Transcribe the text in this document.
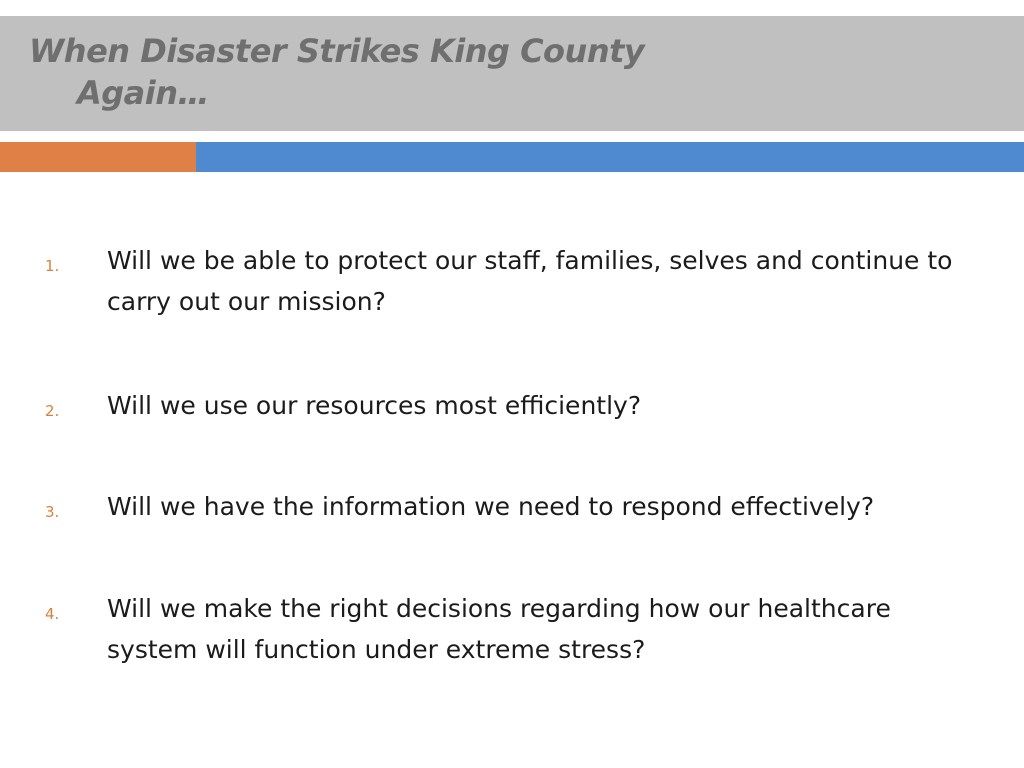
When Disaster Strikes King County
Again…
1. Will we be able to protect our staff, families, selves and continue to carry out our mission?
2. Will we use our resources most efficiently?
3. Will we have the information we need to respond effectively?
4. Will we make the right decisions regarding how our healthcare system will function under extreme stress?
